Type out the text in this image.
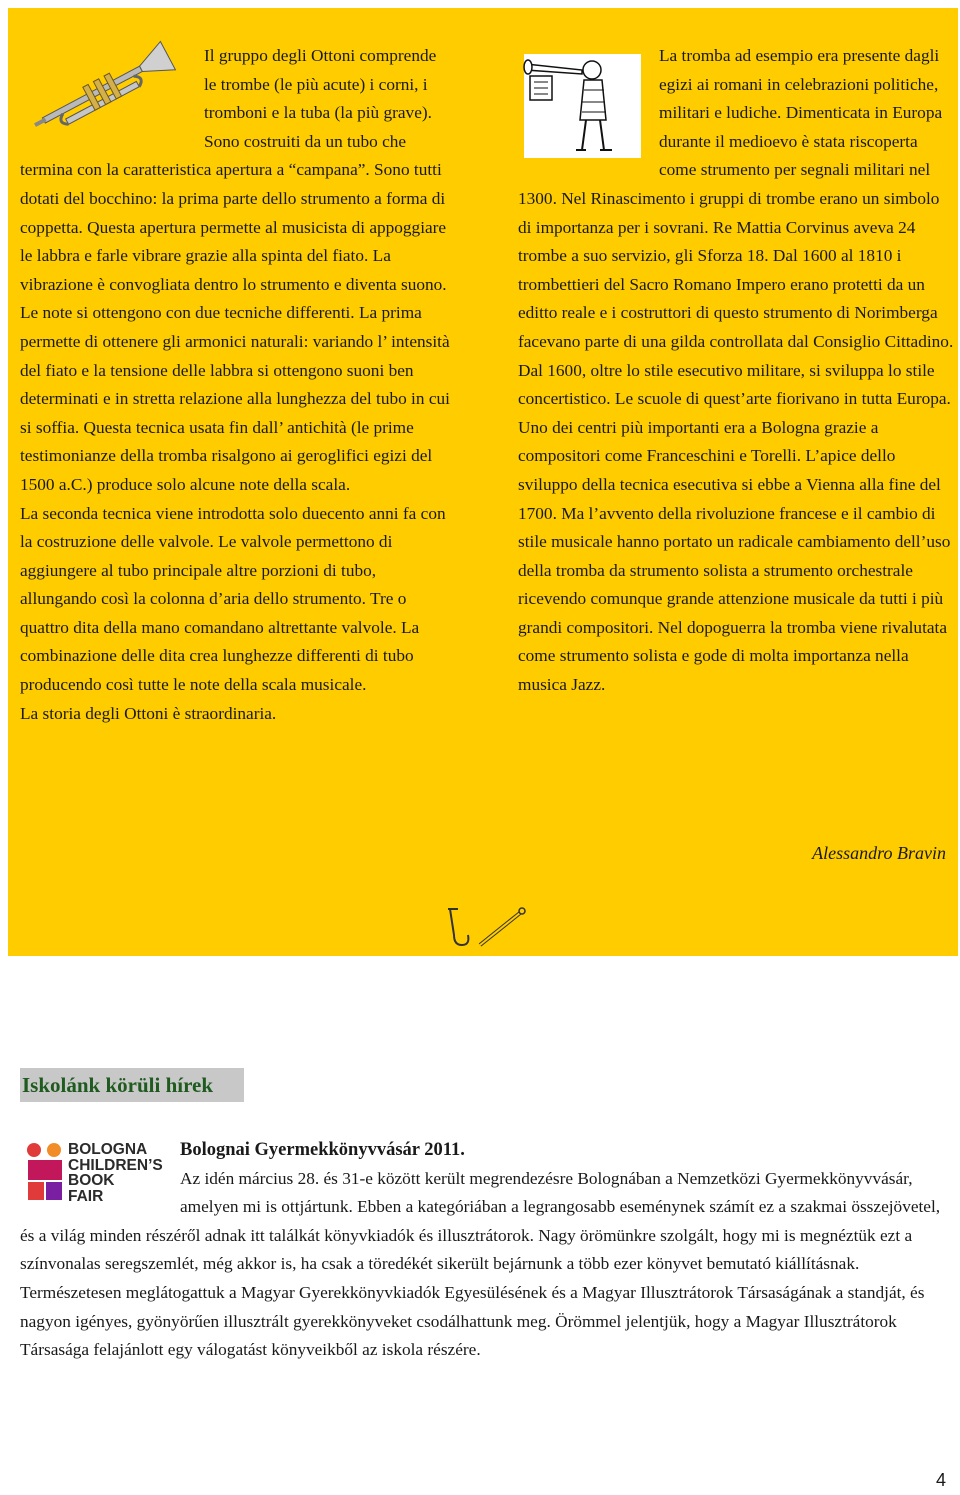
Il gruppo degli Ottoni comprende le trombe (le più acute) i corni, i tromboni e la tuba (la più grave). Sono costruiti da un tubo che termina con la caratteristica apertura a “campana”. Sono tutti dotati del bocchino: la prima parte dello strumento a forma di coppetta. Questa apertura permette al musicista di appoggiare le labbra e farle vibrare grazie alla spinta del fiato. La vibrazione è convogliata dentro lo strumento e diventa suono.

Le note si ottengono con due tecniche differenti. La prima permette di ottenere gli armonici naturali: variando l’ intensità del fiato e la tensione delle labbra si ottengono suoni ben determinati e in stretta relazione alla lunghezza del tubo in cui si soffia. Questa tecnica usata fin dall’ antichità (le prime testimonianze della tromba risalgono ai geroglifici egizi del 1500 a.C.) produce solo alcune note della scala.

La seconda tecnica viene introdotta solo duecento anni fa con la costruzione delle valvole. Le valvole permettono di aggiungere al tubo principale altre porzioni di tubo, allungando così la colonna d’aria dello strumento. Tre o quattro dita della mano comandano altrettante valvole. La combinazione delle dita crea lunghezze differenti di tubo producendo così tutte le note della scala musicale.

La storia degli Ottoni è straordinaria.

La tromba ad esempio era presente dagli egizi ai romani in celebrazioni politiche, militari e ludiche. Dimenticata in Europa durante il medioevo è stata riscoperta come strumento per segnali militari nel 1300. Nel Rinascimento i gruppi di trombe erano un simbolo di importanza per i sovrani. Re Mattia Corvinus aveva 24 trombe a suo servizio, gli Sforza 18. Dal 1600 al 1810 i trombettieri del Sacro Romano Impero erano protetti da un editto reale e i costruttori di questo strumento di Norimberga facevano parte di una gilda controllata dal Consiglio Cittadino. Dal 1600, oltre lo stile esecutivo militare, si sviluppa lo stile concertistico. Le scuole di quest’arte fiorivano in tutta Europa. Uno dei centri più importanti era a Bologna grazie a compositori come Franceschini e Torelli. L’apice dello sviluppo della tecnica esecutiva si ebbe a Vienna alla fine del 1700. Ma l’avvento della rivoluzione francese e il cambio di stile musicale hanno portato un radicale cambiamento dell’uso della tromba da strumento solista a strumento orchestrale ricevendo comunque grande attenzione musicale da tutti i più grandi compositori. Nel dopoguerra la tromba viene rivalutata come strumento solista e gode di molta importanza nella musica Jazz.

Alessandro Bravin
Iskolánk körüli hírek
BOLOGNA
CHILDREN’S
BOOK
FAIR

Bolognai Gyermekkönyvvásár 2011.
Az idén március 28. és 31-e között került megrendezésre Bolognában a Nemzetközi Gyermekkönyvvásár, amelyen mi is ottjártunk. Ebben a kategóriában a legrangosabb eseménynek számít ez a szakmai összejövetel, és a világ minden részéről adnak itt találkát könyvkiadók és illusztrátorok. Nagy örömünkre szolgált, hogy mi is megnéztük ezt a színvonalas seregszemlét, még akkor is, ha csak a töredékét sikerült bejárnunk a több ezer könyvet bemutató kiállításnak. Természetesen meglátogattuk a Magyar Gyerekkönyvkiadók Egyesülésének és a Magyar Illusztrátorok Társaságának a standját, és nagyon igényes, gyönyörűen illusztrált gyerekkönyveket csodálhattunk meg. Örömmel jelentjük, hogy a Magyar Illusztrátorok Társasága felajánlott egy válogatást könyveikből az iskola részére.

4
